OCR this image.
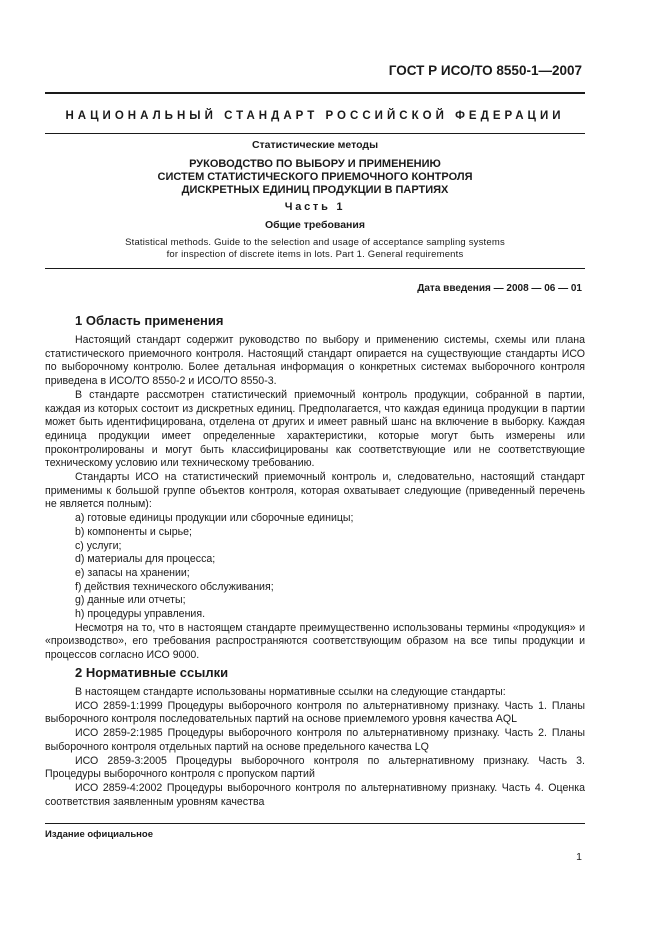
ГОСТ Р ИСО/ТО 8550-1—2007
НАЦИОНАЛЬНЫЙ СТАНДАРТ РОССИЙСКОЙ ФЕДЕРАЦИИ
Статистические методы
РУКОВОДСТВО ПО ВЫБОРУ И ПРИМЕНЕНИЮ
СИСТЕМ СТАТИСТИЧЕСКОГО ПРИЕМОЧНОГО КОНТРОЛЯ
ДИСКРЕТНЫХ ЕДИНИЦ ПРОДУКЦИИ В ПАРТИЯХ
Часть 1
Общие требования
Statistical methods. Guide to the selection and usage of acceptance sampling systems
for inspection of discrete items in lots. Part 1. General requirements
Дата введения — 2008 — 06 — 01
1 Область применения

Настоящий стандарт содержит руководство по выбору и применению системы, схемы или плана статистического приемочного контроля. Настоящий стандарт опирается на существующие стандарты ИСО по выборочному контролю. Более детальная информация о конкретных системах выборочного контроля приведена в ИСО/ТО 8550-2 и ИСО/ТО 8550-3.

В стандарте рассмотрен статистический приемочный контроль продукции, собранной в партии, каждая из которых состоит из дискретных единиц. Предполагается, что каждая единица продукции в партии может быть идентифицирована, отделена от других и имеет равный шанс на включение в выборку. Каждая единица продукции имеет определенные характеристики, которые могут быть измерены или проконтролированы и могут быть классифицированы как соответствующие или не соответствующие техническому условию или техническому требованию.

Стандарты ИСО на статистический приемочный контроль и, следовательно, настоящий стандарт применимы к большой группе объектов контроля, которая охватывает следующие (приведенный перечень не является полным):

a) готовые единицы продукции или сборочные единицы;

b) компоненты и сырье;

c) услуги;

d) материалы для процесса;

e) запасы на хранении;

f) действия технического обслуживания;

g) данные или отчеты;

h) процедуры управления.

Несмотря на то, что в настоящем стандарте преимущественно использованы термины «продукция» и «производство», его требования распространяются соответствующим образом на все типы продукции и процессов согласно ИСО 9000.

2 Нормативные ссылки

В настоящем стандарте использованы нормативные ссылки на следующие стандарты:

ИСО 2859-1:1999 Процедуры выборочного контроля по альтернативному признаку. Часть 1. Планы выборочного контроля последовательных партий на основе приемлемого уровня качества AQL

ИСО 2859-2:1985 Процедуры выборочного контроля по альтернативному признаку. Часть 2. Планы выборочного контроля отдельных партий на основе предельного качества LQ

ИСО 2859-3:2005 Процедуры выборочного контроля по альтернативному признаку. Часть 3. Процедуры выборочного контроля с пропуском партий

ИСО 2859-4:2002 Процедуры выборочного контроля по альтернативному признаку. Часть 4. Оценка соответствия заявленным уровням качества

Издание официальное
1
